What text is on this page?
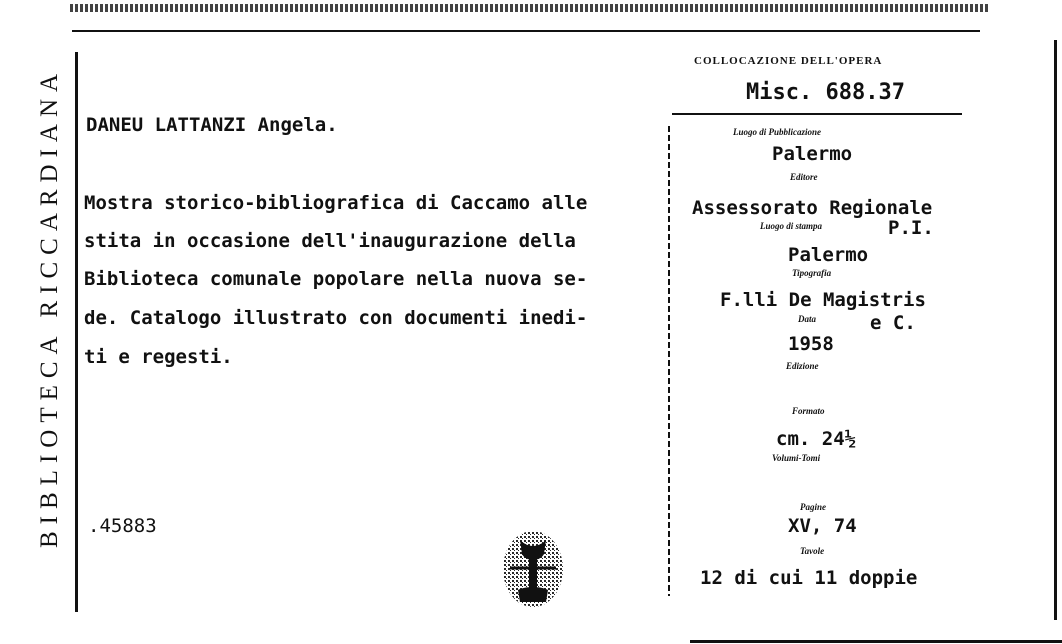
BIBLIOTECA RICCARDIANA DANEU LATTANZI Angela.
Mostra storico-bibliografica di Caccamo alle
stita in occasione dell'inaugurazione della
Biblioteca comunale popolare nella nuova se-
de. Catalogo illustrato con documenti inedi-
ti e regesti.
.45883
COLLOCAZIONE DELL'OPERA
Misc. 688.37
Luogo di Pubblicazione
Palermo
Editore
Assessorato Regionale
Luogo di stampa	P.I.
Palermo
Tipografia
F.lli De Magistris
Data	e C.
1958
Edizione
Formato
cm. 24½
Volumi-Tomi
Pagine
XV, 74
Tavole
12 di cui 11 doppie
